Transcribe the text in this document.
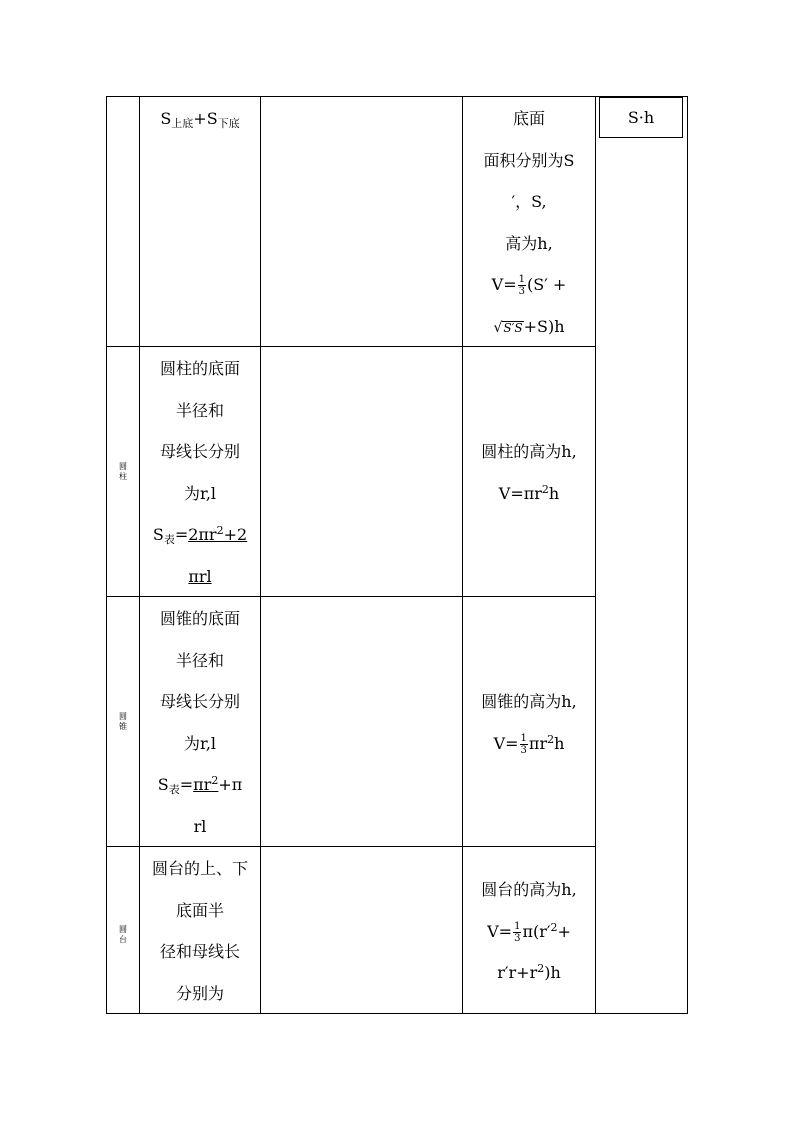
$S_{上底}+S_{下底}$	底面
面积分别为S
′，S,
高为h,
$V= \frac{1}{3} (S'$ +
√S′S+S)h
S·h
圆柱
圆柱的底面
半径和
母线长分别
为r,l
$S_表=2\pi r^2+2$
πrl
圆柱的高为h,
$V=\pi r^2h$
圆锥
圆锥的底面
半径和
母线长分别
为r,l
$S_表=\pi r^2+\pi$
rl
圆锥的高为h,
$V= \frac{1}{3} \pi r^2h$
圆台
圆台的上、下
底面半
径和母线长
分别为
圆台的高为h,
$V= \frac{1}{3} \pi(r'^2+$
$r'r+r^2)h$
